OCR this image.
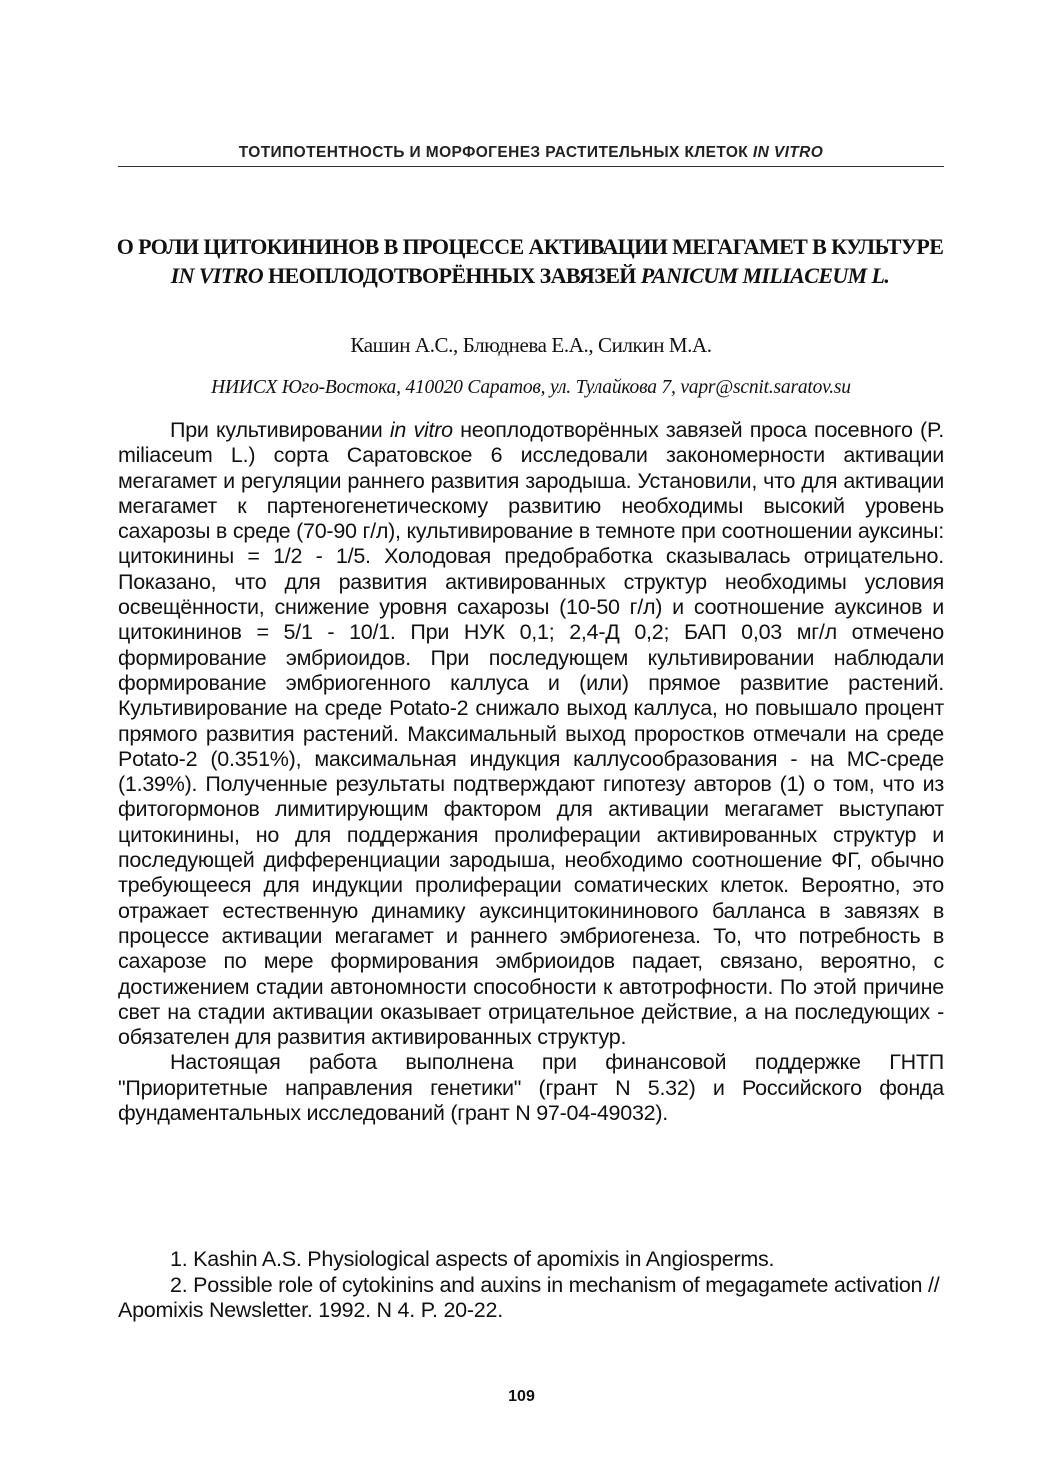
ТОТИПОТЕНТНОСТЬ И МОРФОГЕНЕЗ РАСТИТЕЛЬНЫХ КЛЕТОК IN VITRO
О РОЛИ ЦИТОКИНИНОВ В ПРОЦЕССЕ АКТИВАЦИИ МЕГАГАМЕТ В КУЛЬТУРЕ IN VITRO НЕОПЛОДОТВОРЁННЫХ ЗАВЯЗЕЙ PANICUM MILIACEUM L.
Кашин А.С., Блюднева Е.А., Силкин М.А.
НИИСХ Юго-Востока, 410020 Саратов, ул. Тулайкова 7, vapr@scnit.saratov.su

При культивировании in vitro неоплодотворённых завязей проса посевного (P. miliaceum L.) сорта Саратовское 6 исследовали закономерности активации мегагамет и регуляции раннего развития зародыша. Установили, что для активации мегагамет к партеногенетическому развитию необходимы высокий уровень сахарозы в среде (70-90 г/л), культивирование в темноте при соотношении ауксины: цитокинины = 1/2 - 1/5. Холодовая предобработка сказывалась отрицательно. Показано, что для развития активированных структур необходимы условия освещённости, снижение уровня сахарозы (10-50 г/л) и соотношение ауксинов и цитокининов = 5/1 - 10/1. При НУК 0,1; 2,4-Д 0,2; БАП 0,03 мг/л отмечено формирование эмбриоидов. При последующем культивировании наблюдали формирование эмбриогенного каллуса и (или) прямое развитие растений. Культивирование на среде Potato-2 снижало выход каллуса, но повышало процент прямого развития растений. Максимальный выход проростков отмечали на среде Potato-2 (0.351%), максимальная индукция каллусообразования - на МС-среде (1.39%). Полученные результаты подтверждают гипотезу авторов (1) о том, что из фитогормонов лимитирующим фактором для активации мегагамет выступают цитокинины, но для поддержания пролиферации активированных структур и последующей дифференциации зародыша, необходимо соотношение ФГ, обычно требующееся для индукции пролиферации соматических клеток. Вероятно, это отражает естественную динамику ауксинцитокининового балланса в завязях в процессе активации мегагамет и раннего эмбриогенеза. То, что потребность в сахарозе по мере формирования эмбриоидов падает, связано, вероятно, с достижением стадии автономности способности к автотрофности. По этой причине свет на стадии активации оказывает отрицательное действие, а на последующих - обязателен для развития активированных структур.

Настоящая работа выполнена при финансовой поддержке ГНТП "Приоритетные направления генетики" (грант N 5.32) и Российского фонда фундаментальных исследований (грант N 97-04-49032).

1. Kashin A.S. Physiological aspects of apomixis in Angiosperms.

2. Possible role of cytokinins and auxins in mechanism of megagamete activation // Apomixis Newsletter. 1992. N 4. P. 20-22.

109
